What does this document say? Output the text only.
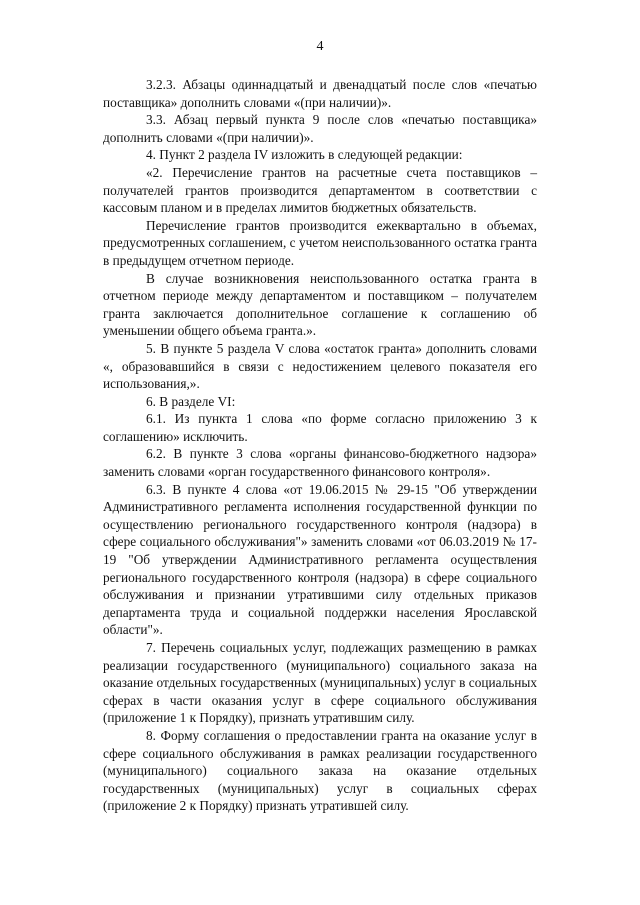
4

3.2.3. Абзацы одиннадцатый и двенадцатый после слов «печатью поставщика» дополнить словами «(при наличии)».

3.3. Абзац первый пункта 9 после слов «печатью поставщика» дополнить словами «(при наличии)».

4. Пункт 2 раздела IV изложить в следующей редакции:

«2. Перечисление грантов на расчетные счета поставщиков – получателей грантов производится департаментом в соответствии с кассовым планом и в пределах лимитов бюджетных обязательств.

Перечисление грантов производится ежеквартально в объемах, предусмотренных соглашением, с учетом неиспользованного остатка гранта в предыдущем отчетном периоде.

В случае возникновения неиспользованного остатка гранта в отчетном периоде между департаментом и поставщиком – получателем гранта заключается дополнительное соглашение к соглашению об уменьшении общего объема гранта.».

5. В пункте 5 раздела V слова «остаток гранта» дополнить словами «, образовавшийся в связи с недостижением целевого показателя его использования,».

6. В разделе VI:

6.1. Из пункта 1 слова «по форме согласно приложению 3 к соглашению» исключить.

6.2. В пункте 3 слова «органы финансово-бюджетного надзора» заменить словами «орган государственного финансового контроля».

6.3. В пункте 4 слова «от 19.06.2015 № 29-15 "Об утверждении Административного регламента исполнения государственной функции по осуществлению регионального государственного контроля (надзора) в сфере социального обслуживания"» заменить словами «от 06.03.2019 № 17-19 "Об утверждении Административного регламента осуществления регионального государственного контроля (надзора) в сфере социального обслуживания и признании утратившими силу отдельных приказов департамента труда и социальной поддержки населения Ярославской области"».

7. Перечень социальных услуг, подлежащих размещению в рамках реализации государственного (муниципального) социального заказа на оказание отдельных государственных (муниципальных) услуг в социальных сферах в части оказания услуг в сфере социального обслуживания (приложение 1 к Порядку), признать утратившим силу.

8. Форму соглашения о предоставлении гранта на оказание услуг в сфере социального обслуживания в рамках реализации государственного (муниципального) социального заказа на оказание отдельных государственных (муниципальных) услуг в социальных сферах (приложение 2 к Порядку) признать утратившей силу.
